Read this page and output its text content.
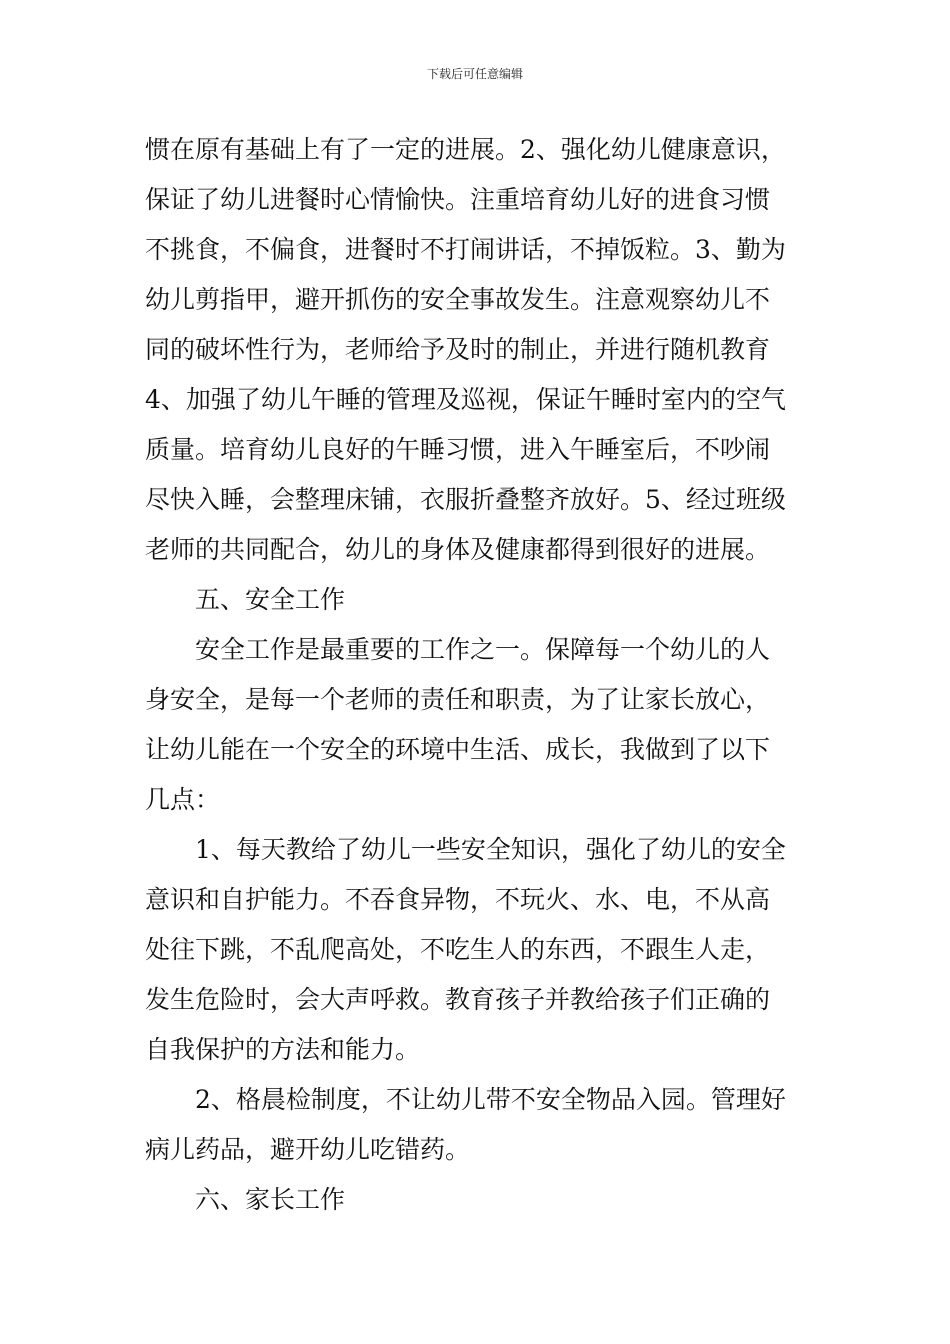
下载后可任意编辑
惯在原有基础上有了一定的进展。2、强化幼儿健康意识，
保证了幼儿进餐时心情愉快。注重培育幼儿好的进食习惯
不挑食，不偏食，进餐时不打闹讲话，不掉饭粒。3、勤为
幼儿剪指甲，避开抓伤的安全事故发生。注意观察幼儿不
同的破坏性行为，老师给予及时的制止，并进行随机教育
4、加强了幼儿午睡的管理及巡视，保证午睡时室内的空气
质量。培育幼儿良好的午睡习惯，进入午睡室后，不吵闹
尽快入睡，会整理床铺，衣服折叠整齐放好。5、经过班级
老师的共同配合，幼儿的身体及健康都得到很好的进展。
五、安全工作
安全工作是最重要的工作之一。保障每一个幼儿的人
身安全，是每一个老师的责任和职责，为了让家长放心，
让幼儿能在一个安全的环境中生活、成长，我做到了以下
几点：
1、每天教给了幼儿一些安全知识，强化了幼儿的安全
意识和自护能力。不吞食异物，不玩火、水、电，不从高
处往下跳，不乱爬高处，不吃生人的东西，不跟生人走，
发生危险时，会大声呼救。教育孩子并教给孩子们正确的
自我保护的方法和能力。
2、格晨检制度，不让幼儿带不安全物品入园。管理好
病儿药品，避开幼儿吃错药。
六、家长工作
